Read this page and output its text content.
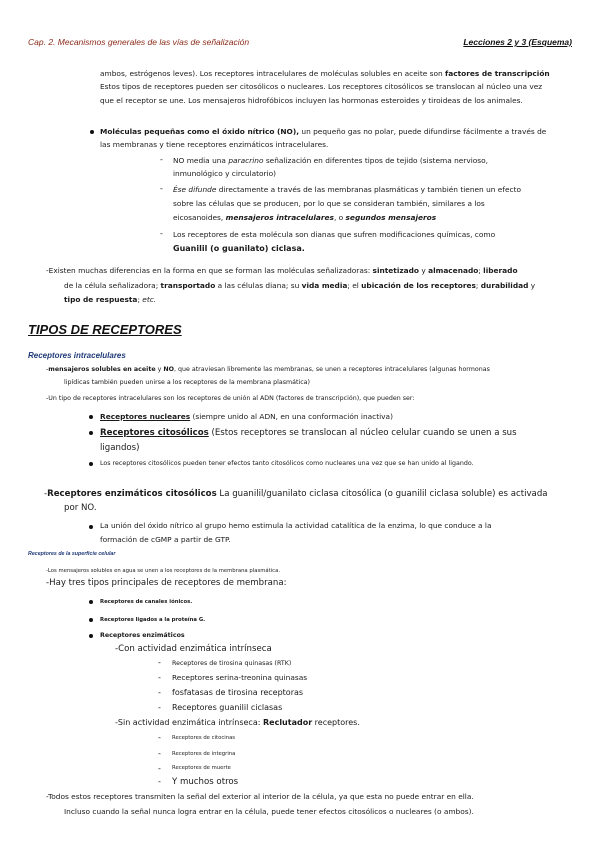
Cap. 2. Mecanismos generales de las vías de señalización	Lecciones 2 y 3 (Esquema)
ambos, estrógenos leves). Los receptores intracelulares de moléculas solubles en aceite son factores de transcripción
Estos tipos de receptores pueden ser citosólicos o nucleares. Los receptores citosólicos se translocan al núcleo una vez
que el receptor se une. Los mensajeros hidrofóbicos incluyen las hormonas esteroides y tiroideas de los animales.
Moléculas pequeñas como el óxido nítrico (NO), un pequeño gas no polar, puede difundirse fácilmente a través de
las membranas y tiene receptores enzimáticos intracelulares.
- NO media una paracrino señalización en diferentes tipos de tejido (sistema nervioso,
inmunológico y circulatorio)
- Ése difunde directamente a través de las membranas plasmáticas y también tienen un efecto
sobre las células que se producen, por lo que se consideran también, similares a los
eicosanoides, mensajeros intracelulares, o segundos mensajeros
- Los receptores de esta molécula son dianas que sufren modificaciones químicas, como
Guanilil (o guanilato) ciclasa.
-Existen muchas diferencias en la forma en que se forman las moléculas señalizadoras: sintetizado y almacenado; liberado
de la célula señalizadora; transportado a las células diana; su vida media; el ubicación de los receptores; durabilidad y
tipo de respuesta; etc.
TIPOS DE RECEPTORES
Receptores intracelulares
-mensajeros solubles en aceite y NO, que atraviesan libremente las membranas, se unen a receptores intracelulares (algunas hormonas
lipídicas también pueden unirse a los receptores de la membrana plasmática)
-Un tipo de receptores intracelulares son los receptores de unión al ADN (factores de transcripción), que pueden ser:
Receptores nucleares (siempre unido al ADN, en una conformación inactiva)
Receptores citosólicos (Estos receptores se translocan al núcleo celular cuando se unen a sus
ligandos)
Los receptores citosólicos pueden tener efectos tanto citosólicos como nucleares una vez que se han unido al ligando.
-Receptores enzimáticos citosólicos La guanilil/guanilato ciclasa citosólica (o guanilil ciclasa soluble) es activada
por NO.
La unión del óxido nítrico al grupo hemo estimula la actividad catalítica de la enzima, lo que conduce a la
formación de cGMP a partir de GTP.
Receptores de la superficie celular
-Los mensajeros solubles en agua se unen a los receptores de la membrana plasmática.
-Hay tres tipos principales de receptores de membrana:
Receptores de canales iónicos.
Receptores ligados a la proteína G.
Receptores enzimáticos
-Con actividad enzimática intrínseca
- Receptores de tirosina quinasas (RTK)
- Receptores serina-treonina quinasas
- fosfatasas de tirosina receptoras
- Receptores guanilil ciclasas
-Sin actividad enzimática intrínseca: Reclutador receptores.
- Receptores de citocinas
- Receptores de integrina
- Receptores de muerte
- Y muchos otros
-Todos estos receptores transmiten la señal del exterior al interior de la célula, ya que esta no puede entrar en ella.
Incluso cuando la señal nunca logra entrar en la célula, puede tener efectos citosólicos o nucleares (o ambos).
